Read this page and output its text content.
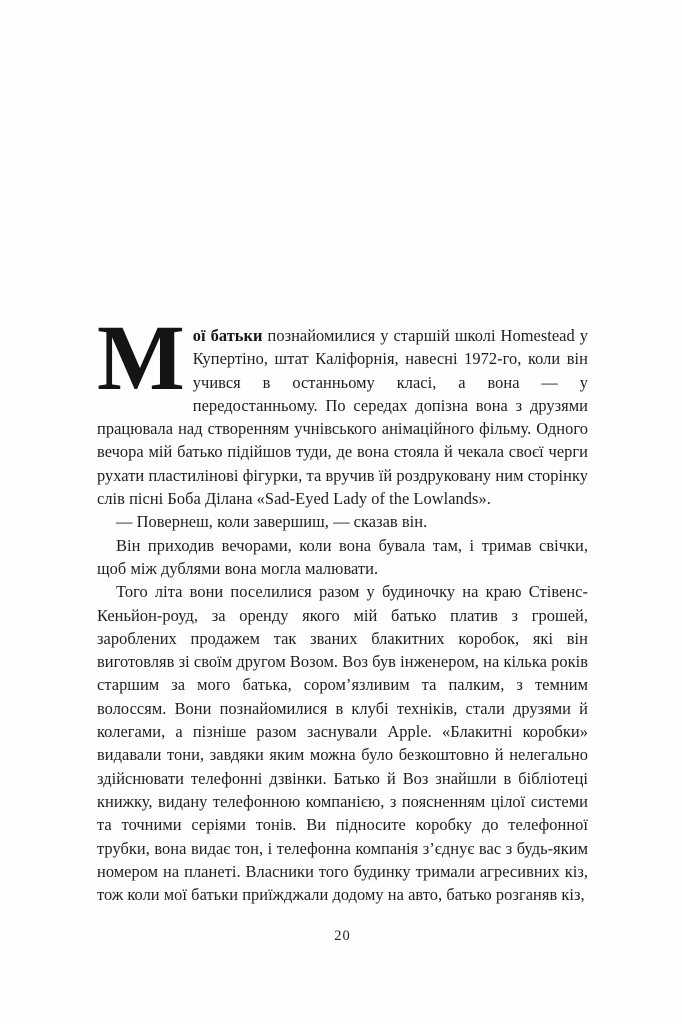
Мої батьки познайомилися у старшій школі Homestead у Купертіно, штат Каліфорнія, навесні 1972-го, коли він учився в останньому класі, а вона — у передостанньому. По середах допізна вона з друзями працювала над створенням учнівського анімаційного фільму. Одного вечора мій батько підійшов туди, де вона стояла й чекала своєї черги рухати пластилінові фігурки, та вручив їй роздруковану ним сторінку слів пісні Боба Ділана «Sad-Eyed Lady of the Lowlands».

— Повернеш, коли завершиш, — сказав він.

Він приходив вечорами, коли вона бувала там, і тримав свічки, щоб між дублями вона могла малювати.

Того літа вони поселилися разом у будиночку на краю Стівенс-Кеньйон-роуд, за оренду якого мій батько платив з грошей, зароблених продажем так званих блакитних коробок, які він виготовляв зі своїм другом Возом. Воз був інженером, на кілька років старшим за мого батька, сором’язливим та палким, з темним волоссям. Вони познайомилися в клубі техніків, стали друзями й колегами, а пізніше разом заснували Apple. «Блакитні коробки» видавали тони, завдяки яким можна було безкоштовно й нелегально здійснювати телефонні дзвінки. Батько й Воз знайшли в бібліотеці книжку, видану телефонною компанією, з поясненням цілої системи та точними серіями тонів. Ви підносите коробку до телефонної трубки, вона видає тон, і телефонна компанія з’єднує вас з будь-яким номером на планеті. Власники того будинку тримали агресивних кіз, тож коли мої батьки приїжджали додому на авто, батько розганяв кіз,

20
